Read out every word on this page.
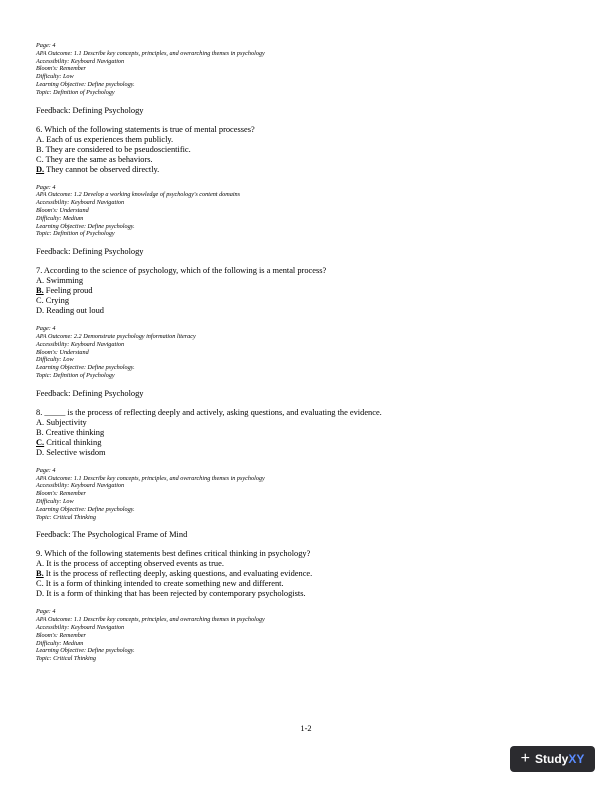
Page: 4
APA Outcome: 1.1 Describe key concepts, principles, and overarching themes in psychology
Accessibility: Keyboard Navigation
Bloom's: Remember
Difficulty: Low
Learning Objective: Define psychology.
Topic: Definition of Psychology
Feedback: Defining Psychology
6. Which of the following statements is true of mental processes?
A. Each of us experiences them publicly.
B. They are considered to be pseudoscientific.
C. They are the same as behaviors.
D. They cannot be observed directly.
Page: 4
APA Outcome: 1.2 Develop a working knowledge of psychology's content domains
Accessibility: Keyboard Navigation
Bloom's: Understand
Difficulty: Medium
Learning Objective: Define psychology.
Topic: Definition of Psychology
Feedback: Defining Psychology
7. According to the science of psychology, which of the following is a mental process?
A. Swimming
B. Feeling proud
C. Crying
D. Reading out loud
Page: 4
APA Outcome: 2.2 Demonstrate psychology information literacy
Accessibility: Keyboard Navigation
Bloom's: Understand
Difficulty: Low
Learning Objective: Define psychology.
Topic: Definition of Psychology
Feedback: Defining Psychology
8. _____ is the process of reflecting deeply and actively, asking questions, and evaluating the evidence.
A. Subjectivity
B. Creative thinking
C. Critical thinking
D. Selective wisdom
Page: 4
APA Outcome: 1.1 Describe key concepts, principles, and overarching themes in psychology
Accessibility: Keyboard Navigation
Bloom's: Remember
Difficulty: Low
Learning Objective: Define psychology.
Topic: Critical Thinking
Feedback: The Psychological Frame of Mind
9. Which of the following statements best defines critical thinking in psychology?
A. It is the process of accepting observed events as true.
B. It is the process of reflecting deeply, asking questions, and evaluating evidence.
C. It is a form of thinking intended to create something new and different.
D. It is a form of thinking that has been rejected by contemporary psychologists.
Page: 4
APA Outcome: 1.1 Describe key concepts, principles, and overarching themes in psychology
Accessibility: Keyboard Navigation
Bloom's: Remember
Difficulty: Medium
Learning Objective: Define psychology.
Topic: Critical Thinking
1-2
+ Study XY
